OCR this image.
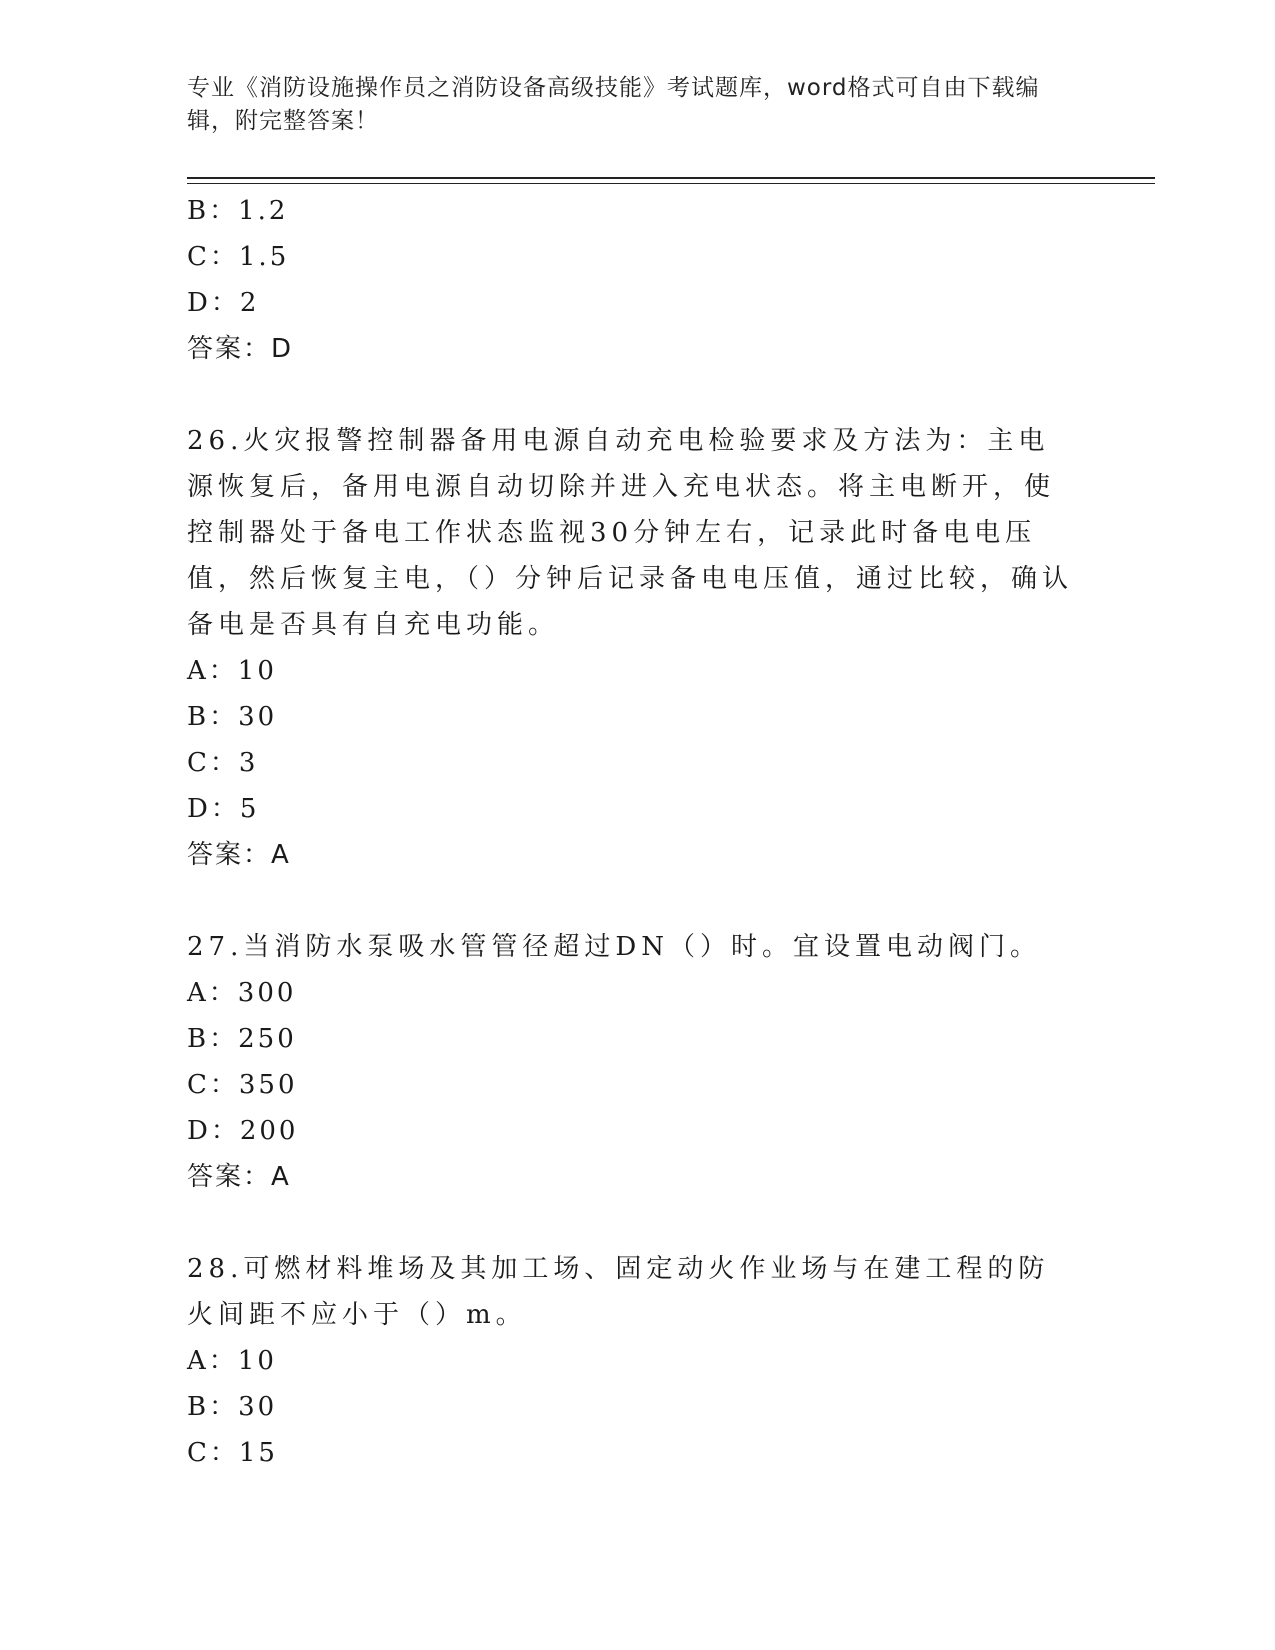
专业《消防设施操作员之消防设备高级技能》考试题库，word格式可自由下载编辑，附完整答案！
B：1.2
C：1.5
D：2
答案：D
26.火灾报警控制器备用电源自动充电检验要求及方法为：主电源恢复后，备用电源自动切除并进入充电状态。将主电断开，使控制器处于备电工作状态监视30分钟左右，记录此时备电电压值，然后恢复主电，（）分钟后记录备电电压值，通过比较，确认备电是否具有自充电功能。
A：10
B：30
C：3
D：5
答案：A
27.当消防水泵吸水管管径超过DN（）时。宜设置电动阀门。
A：300
B：250
C：350
D：200
答案：A
28.可燃材料堆场及其加工场、固定动火作业场与在建工程的防火间距不应小于（）m。
A：10
B：30
C：15
